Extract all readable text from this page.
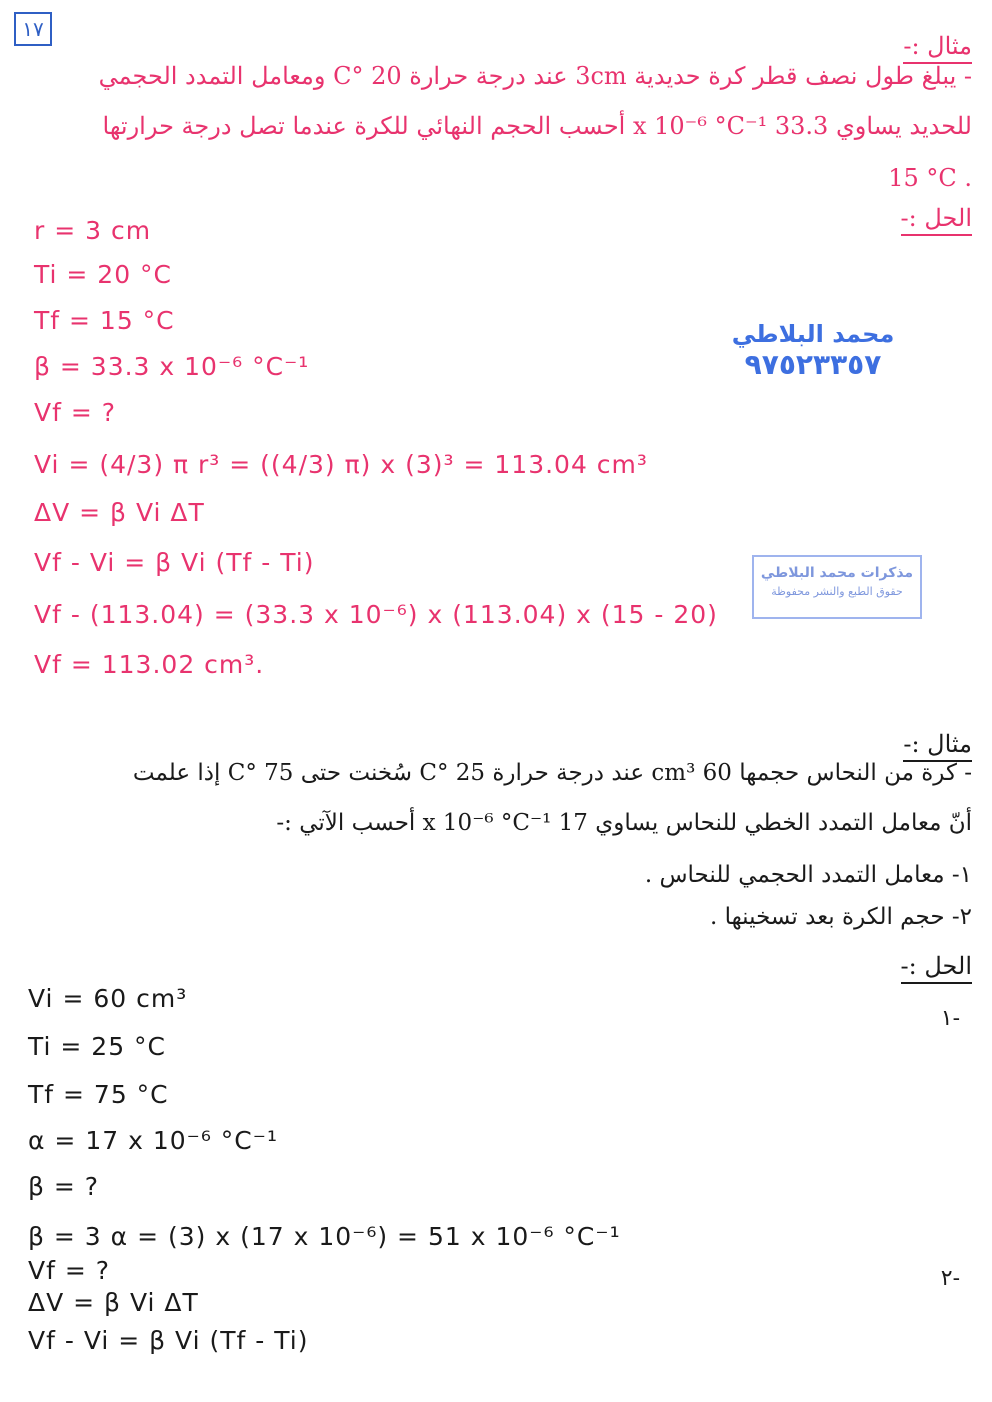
١٧
مثال :-
- يبلغ طول نصف قطر كرة حديدية 3cm عند درجة حرارة 20 °C ومعامل التمدد الحجمي
للحديد يساوي 33.3 x 10⁻⁶ °C⁻¹ أحسب الحجم النهائي للكرة عندما تصل درجة حرارتها
15 °C .
الحل :-
r = 3 cm
Ti = 20 °C
Tf = 15 °C
β = 33.3 x 10⁻⁶ °C⁻¹
Vf = ?
Vi = (4/3) π r³ = ((4/3) π) x (3)³ = 113.04 cm³
ΔV = β Vi ΔT
Vf - Vi = β Vi (Tf - Ti)
Vf - (113.04) = (33.3 x 10⁻⁶) x (113.04) x (15 - 20)
Vf = 113.02 cm³.
محمد البلاطي
٩٧٥٢٣٣٥٧
مذكرات محمد البلاطي
حقوق الطبع والنشر محفوظة
مثال :-
- كرة من النحاس حجمها 60 cm³ عند درجة حرارة 25 °C سُخنت حتى 75 °C إذا علمت
أنّ معامل التمدد الخطي للنحاس يساوي 17 x 10⁻⁶ °C⁻¹ أحسب الآتي :-
١- معامل التمدد الحجمي للنحاس .
٢- حجم الكرة بعد تسخينها .
الحل :-
١-
٢-
Vi = 60 cm³
Ti = 25 °C
Tf = 75 °C
α = 17 x 10⁻⁶ °C⁻¹
β = ?
β = 3 α = (3) x (17 x 10⁻⁶) = 51 x 10⁻⁶ °C⁻¹
Vf = ?
ΔV = β Vi ΔT
Vf - Vi = β Vi (Tf - Ti)
